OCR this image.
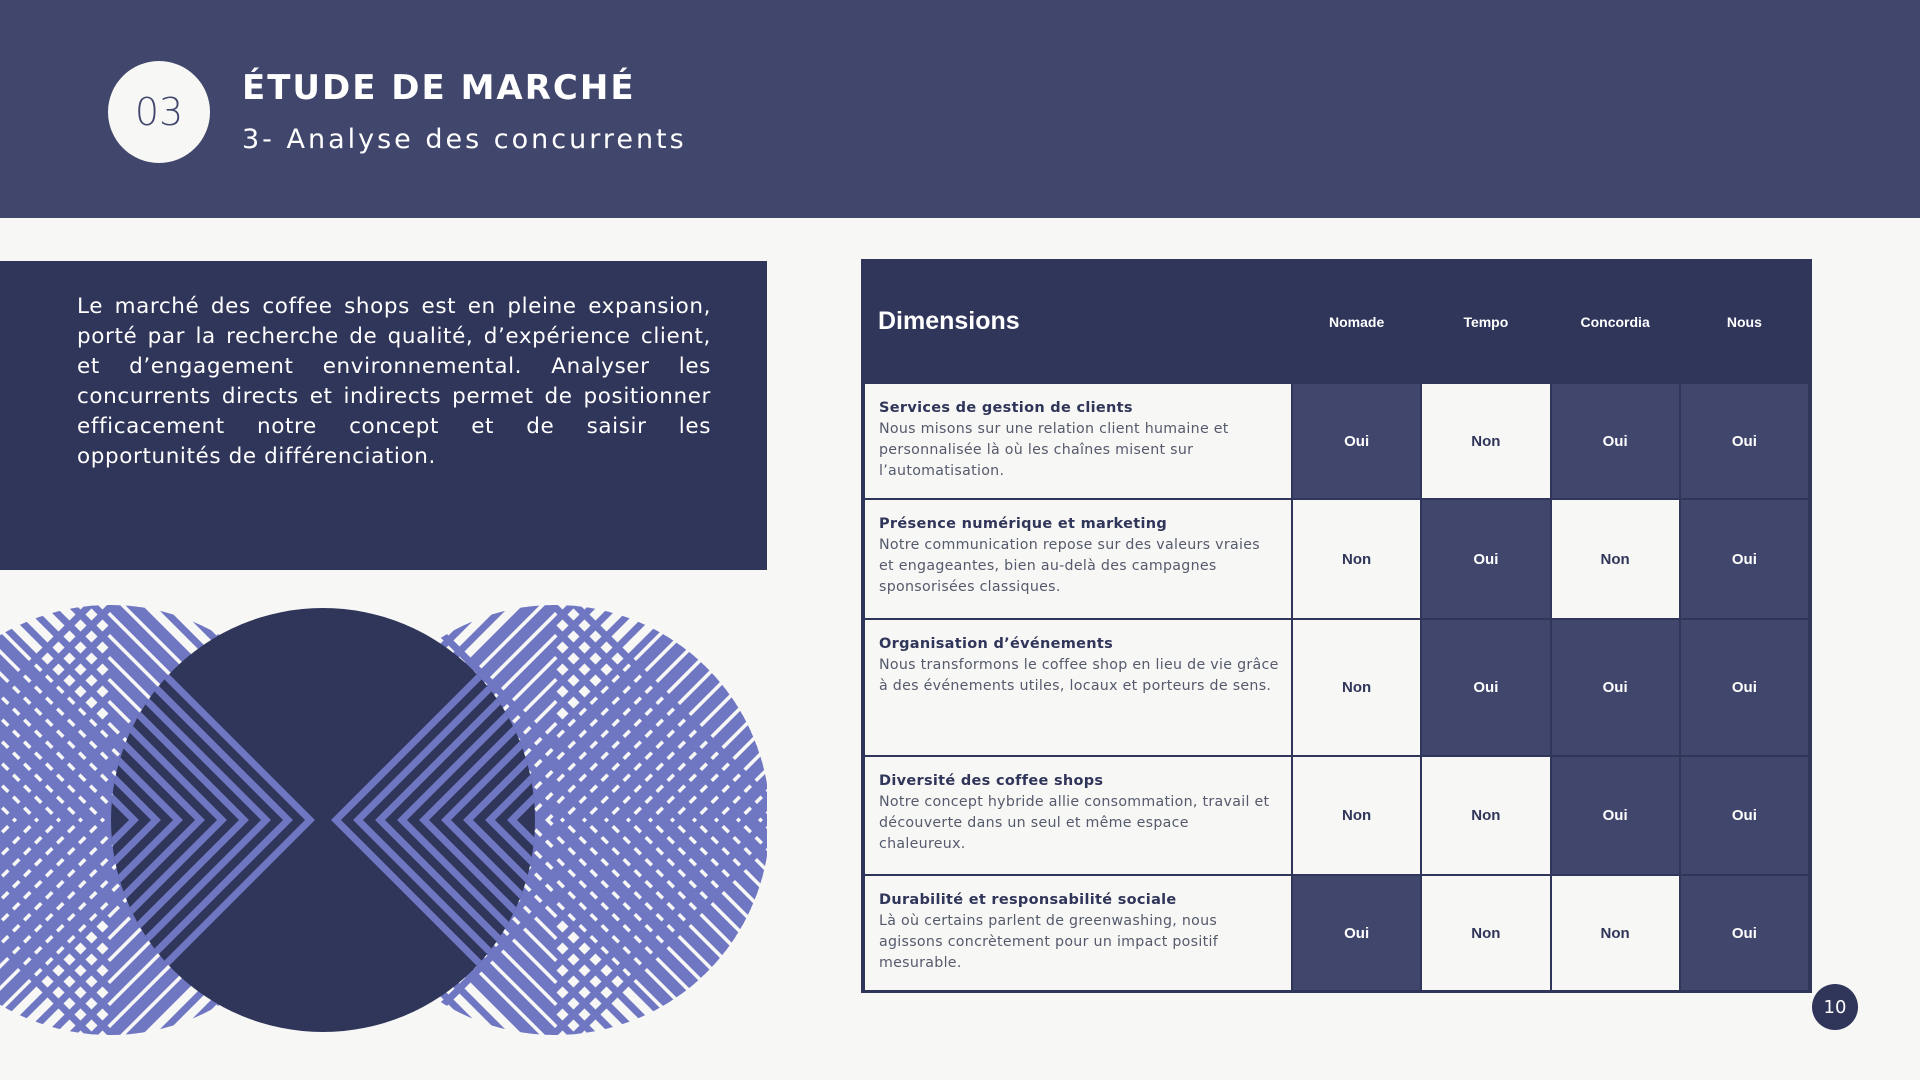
03
ÉTUDE DE MARCHÉ
3- Analyse des concurrents
Le marché des coffee shops est en pleine expansion, porté par la recherche de qualité, d’expérience client, et d’engagement environnemental. Analyser les concurrents directs et indirects permet de positionner efficacement notre concept et de saisir les opportunités de différenciation.
Dimensions	Nomade	Tempo	Concordia	Nous

Services de gestion de clients
Nous misons sur une relation client humaine et personnalisée là où les chaînes misent sur l’automatisation.	Oui	Non	Oui	Oui

Présence numérique et marketing
Notre communication repose sur des valeurs vraies et engageantes, bien au-delà des campagnes sponsorisées classiques.	Non	Oui	Non	Oui

Organisation d’événements
Nous transformons le coffee shop en lieu de vie grâce à des événements utiles, locaux et porteurs de sens.	Non	Oui	Oui	Oui

Diversité des coffee shops
Notre concept hybride allie consommation, travail et découverte dans un seul et même espace chaleureux.	Non	Non	Oui	Oui

Durabilité et responsabilité sociale
Là où certains parlent de greenwashing, nous agissons concrètement pour un impact positif mesurable.	Oui	Non	Non	Oui
10
